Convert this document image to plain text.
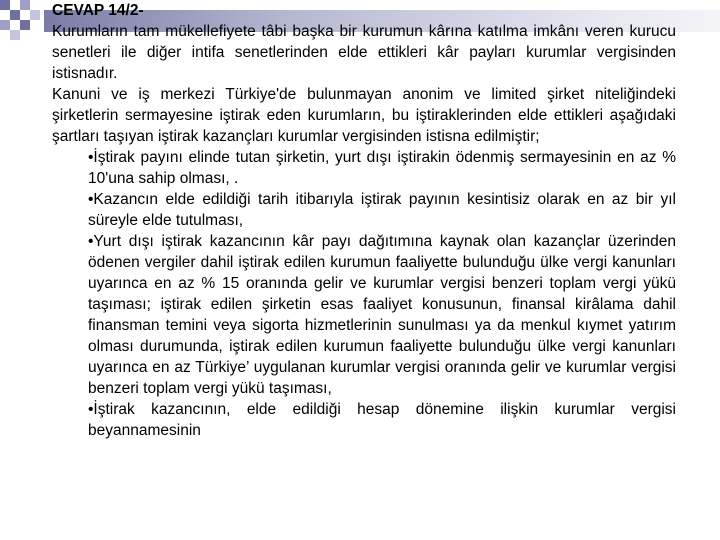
CEVAP 14/2-

Kurumların tam mükellefiyete tâbi başka bir kurumun kârına katılma imkânı veren kurucu senetleri ile diğer intifa senetlerinden elde ettikleri kâr payları kurumlar vergisinden istisnadır.

Kanuni ve iş merkezi Türkiye'de bulunmayan anonim ve limited şirket niteliğindeki şirketlerin sermayesine iştirak eden kurumların, bu iştiraklerinden elde ettikleri aşağıdaki şartları taşıyan iştirak kazançları kurumlar vergisinden istisna edilmiştir;

•İştirak payını elinde tutan şirketin, yurt dışı iştirakin ödenmiş sermayesinin en az % 10'una sahip olması, .

•Kazancın elde edildiği tarih itibarıyla iştirak payının kesintisiz olarak en az bir yıl süreyle elde tutulması,

•Yurt dışı iştirak kazancının kâr payı dağıtımına kaynak olan kazançlar üzerinden ödenen vergiler dahil iştirak edilen kurumun faaliyette bulunduğu ülke vergi kanunları uyarınca en az % 15 oranında gelir ve kurumlar vergisi benzeri toplam vergi yükü taşıması; iştirak edilen şirketin esas faaliyet konusunun, finansal kirâlama dahil finansman temini veya sigorta hizmetlerinin sunulması ya da menkul kıymet yatırım olması durumunda, iştirak edilen kurumun faaliyette bulunduğu ülke vergi kanunları uyarınca en az Türkiye’ uygulanan kurumlar vergisi oranında gelir ve kurumlar vergisi benzeri toplam vergi yükü taşıması,

•İştirak kazancının, elde edildiği hesap dönemine ilişkin kurumlar vergisi beyannamesinin
